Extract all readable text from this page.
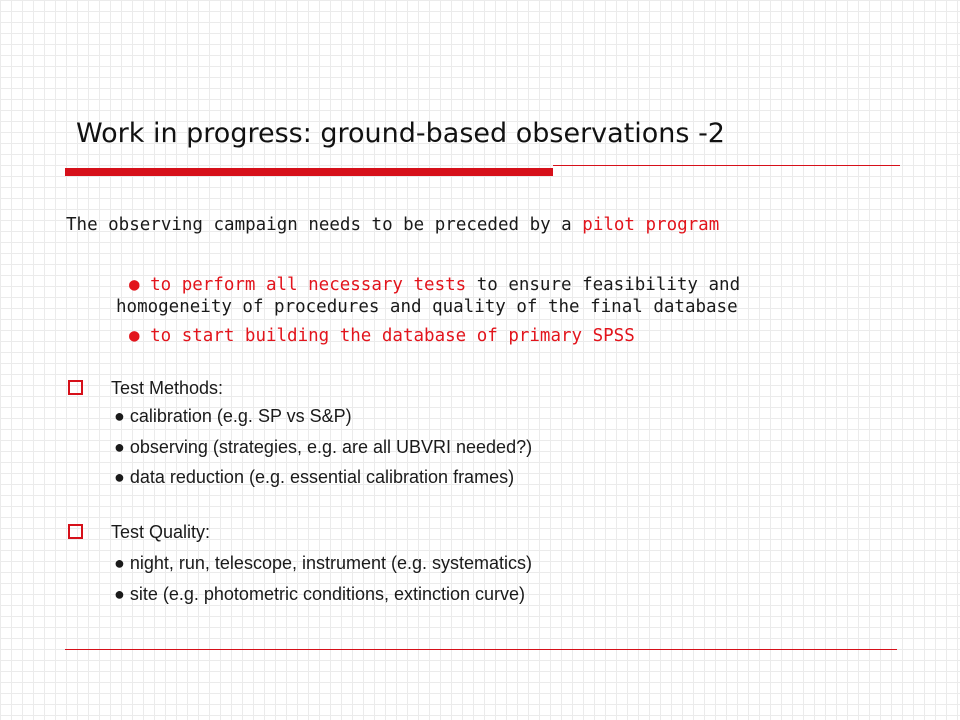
Work in progress: ground-based observations -2
The observing campaign needs to be preceded by a pilot program
● to perform all necessary tests to ensure feasibility and
homogeneity of procedures and quality of the final database
● to start building the database of primary SPSS
Test Methods:
● calibration (e.g. SP vs S&P)
● observing (strategies, e.g. are all UBVRI needed?)
● data reduction (e.g. essential calibration frames)
Test Quality:
● night, run, telescope, instrument (e.g. systematics)
● site (e.g. photometric conditions, extinction curve)
